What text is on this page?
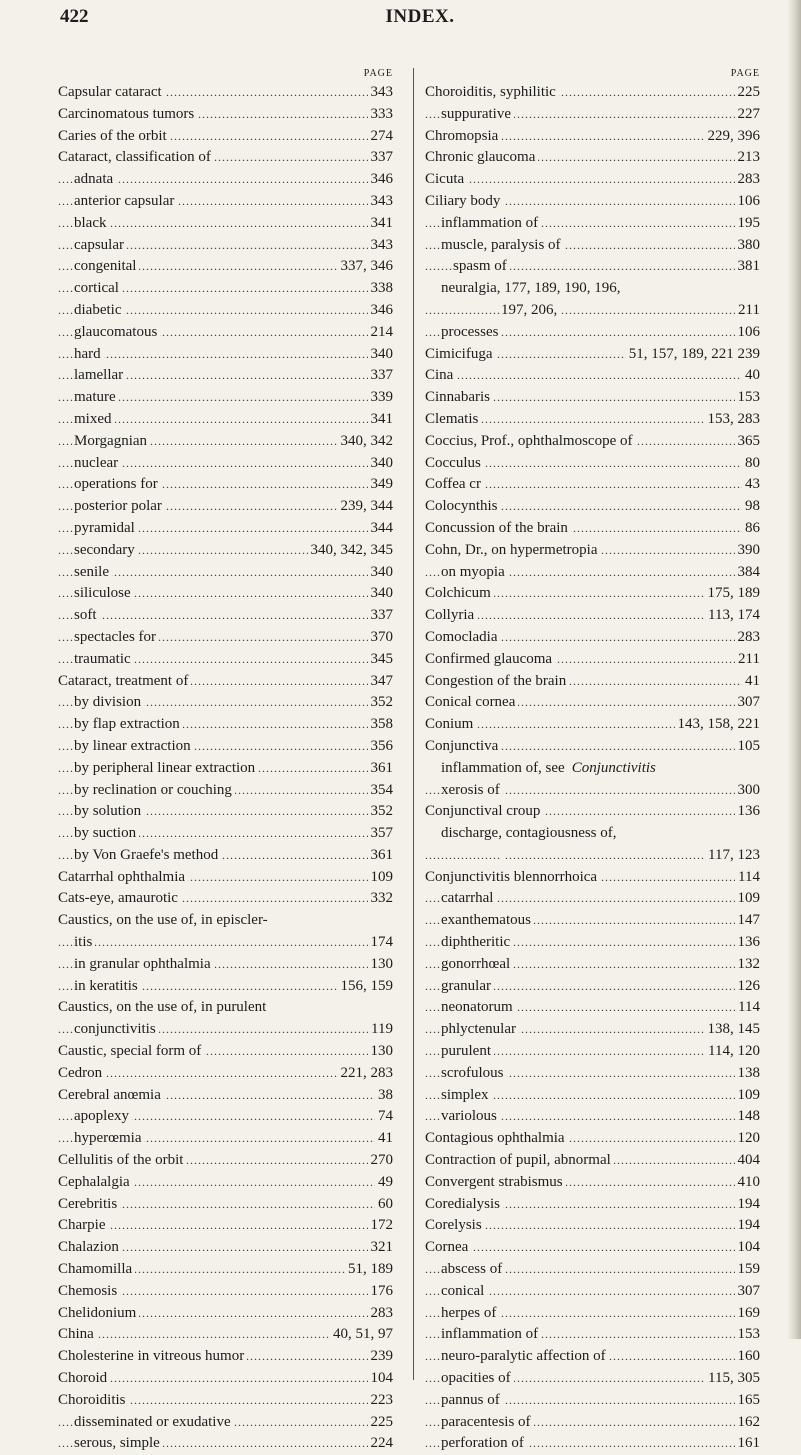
422	INDEX.
PAGE
..... Capsular cataract	343
..... Carcinomatous tumors	333
..... Caries of the orbit	274
..... Cataract, classification of	337
..... adnata	346
..... anterior capsular	343
..... black	341
..... capsular	343
..... congenital	337, 346
..... cortical	338
..... diabetic	346
..... glaucomatous	214
..... hard	340
..... lamellar	337
..... mature	339
..... mixed	341
..... Morgagnian	340, 342
..... nuclear	340
..... operations for	349
..... posterior polar	239, 344
..... pyramidal	344
..... secondary	340, 342, 345
..... senile	340
..... siliculose	340
..... soft	337
..... spectacles for	370
..... traumatic	345
..... Cataract, treatment of	347
..... by division	352
..... by flap extraction	358
..... by linear extraction	356
..... by peripheral linear extraction	361
..... by reclination or couching	354
..... by solution	352
..... by suction	357
..... by Von Graefe's method	361
..... Catarrhal ophthalmia	109
..... Cats-eye, amaurotic	332
Caustics, on the use of, in episcler-
..... itis	174
..... in granular ophthalmia	130
..... in keratitis	156, 159
Caustics, on the use of, in purulent
..... conjunctivitis	119
..... Caustic, special form of	130
..... Cedron	221, 283
..... Cerebral anœmia	38
..... apoplexy	74
..... hyperœmia	41
..... Cellulitis of the orbit	270
..... Cephalalgia	49
..... Cerebritis	60
..... Charpie	172
..... Chalazion	321
..... Chamomilla	51, 189
..... Chemosis	176
..... Chelidonium	283
..... China	40, 51, 97
..... Cholesterine in vitreous humor	239
..... Choroid	104
..... Choroiditis	223
..... disseminated or exudative	225
..... serous, simple	224
PAGE
..... Choroiditis, syphilitic	225
..... suppurative	227
..... Chromopsia	229, 396
..... Chronic glaucoma	213
..... Cicuta	283
..... Ciliary body	106
..... inflammation of	195
..... muscle, paralysis of	380
..... spasm of	381
neuralgia, 177, 189, 190, 196,
..... 197, 206,	211
..... processes	106
..... Cimicifuga	51, 157, 189, 221 239
..... Cina	40
..... Cinnabaris	153
..... Clematis	153, 283
..... Coccius, Prof., ophthalmoscope of	365
..... Cocculus	80
..... Coffea cr	43
..... Colocynthis	98
..... Concussion of the brain	86
..... Cohn, Dr., on hypermetropia	390
..... on myopia	384
..... Colchicum	175, 189
..... Collyria	113, 174
..... Comocladia	283
..... Confirmed glaucoma	211
..... Congestion of the brain	41
..... Conical cornea	307
..... Conium	143, 158, 221
..... Conjunctiva	105
inflammation of, see Conjunctivitis
..... xerosis of	300
..... Conjunctival croup	136
discharge, contagiousness of,
..... 117, 123
..... Conjunctivitis blennorrhoica	114
..... catarrhal	109
..... exanthematous	147
..... diphtheritic	136
..... gonorrhœal	132
..... granular	126
..... neonatorum	114
..... phlyctenular	138, 145
..... purulent	114, 120
..... scrofulous	138
..... simplex	109
..... variolous	148
..... Contagious ophthalmia	120
..... Contraction of pupil, abnormal	404
..... Convergent strabismus	410
..... Coredialysis	194
..... Corelysis	194
..... Cornea	104
..... abscess of	159
..... conical	307
..... herpes of	169
..... inflammation of	153
..... neuro-paralytic affection of	160
..... opacities of	115, 305
..... pannus of	165
..... paracentesis of	162
..... perforation of	161
